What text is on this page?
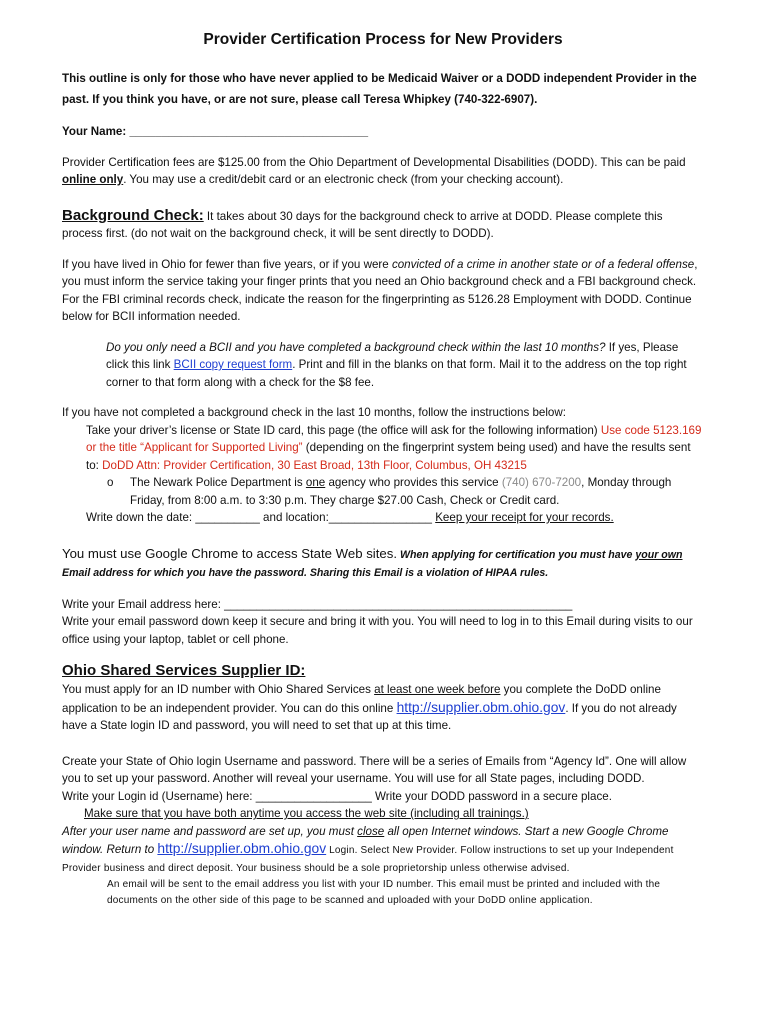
Provider Certification Process for New Providers

This outline is only for those who have never applied to be Medicaid Waiver or a DODD independent Provider in the past. If you think you have, or are not sure, please call Teresa Whipkey (740-322-6907).

Your Name: _____________________________________

Provider Certification fees are $125.00 from the Ohio Department of Developmental Disabilities (DODD). This can be paid online only. You may use a credit/debit card or an electronic check (from your checking account).

Background Check: It takes about 30 days for the background check to arrive at DODD. Please complete this process first. (do not wait on the background check, it will be sent directly to DODD).

If you have lived in Ohio for fewer than five years, or if you were convicted of a crime in another state or of a federal offense, you must inform the service taking your finger prints that you need an Ohio background check and a FBI background check. For the FBI criminal records check, indicate the reason for the fingerprinting as 5126.28 Employment with DODD. Continue below for BCII information needed.

Do you only need a BCII and you have completed a background check within the last 10 months? If yes, Please click this link BCII copy request form. Print and fill in the blanks on that form. Mail it to the address on the top right corner to that form along with a check for the $8 fee.

If you have not completed a background check in the last 10 months, follow the instructions below:

Take your driver’s license or State ID card, this page (the office will ask for the following information) Use code 5123.169 or the title “Applicant for Supported Living” (depending on the fingerprint system being used) and have the results sent to: DoDD Attn: Provider Certification, 30 East Broad, 13th Floor, Columbus, OH 43215

o The Newark Police Department is one agency who provides this service (740) 670-7200, Monday through Friday, from 8:00 a.m. to 3:30 p.m. They charge $27.00 Cash, Check or Credit card.

Write down the date: __________ and location:________________ Keep your receipt for your records.

You must use Google Chrome to access State Web sites. When applying for certification you must have your own Email address for which you have the password. Sharing this Email is a violation of HIPAA rules.

Write your Email address here: ______________________________________________________

Write your email password down keep it secure and bring it with you. You will need to log in to this Email during visits to our office using your laptop, tablet or cell phone.

Ohio Shared Services Supplier ID:

You must apply for an ID number with Ohio Shared Services at least one week before you complete the DoDD online application to be an independent provider. You can do this online http://supplier.obm.ohio.gov. If you do not already have a State login ID and password, you will need to set that up at this time.

Create your State of Ohio login Username and password. There will be a series of Emails from “Agency Id”. One will allow you to set up your password. Another will reveal your username. You will use for all State pages, including DODD.

Write your Login id (Username) here: __________________ Write your DODD password in a secure place.

Make sure that you have both anytime you access the web site (including all trainings.)

After your user name and password are set up, you must close all open Internet windows. Start a new Google Chrome window. Return to http://supplier.obm.ohio.gov Login. Select New Provider. Follow instructions to set up your Independent Provider business and direct deposit. Your business should be a sole proprietorship unless otherwise advised.

An email will be sent to the email address you list with your ID number. This email must be printed and included with the documents on the other side of this page to be scanned and uploaded with your DoDD online application.
